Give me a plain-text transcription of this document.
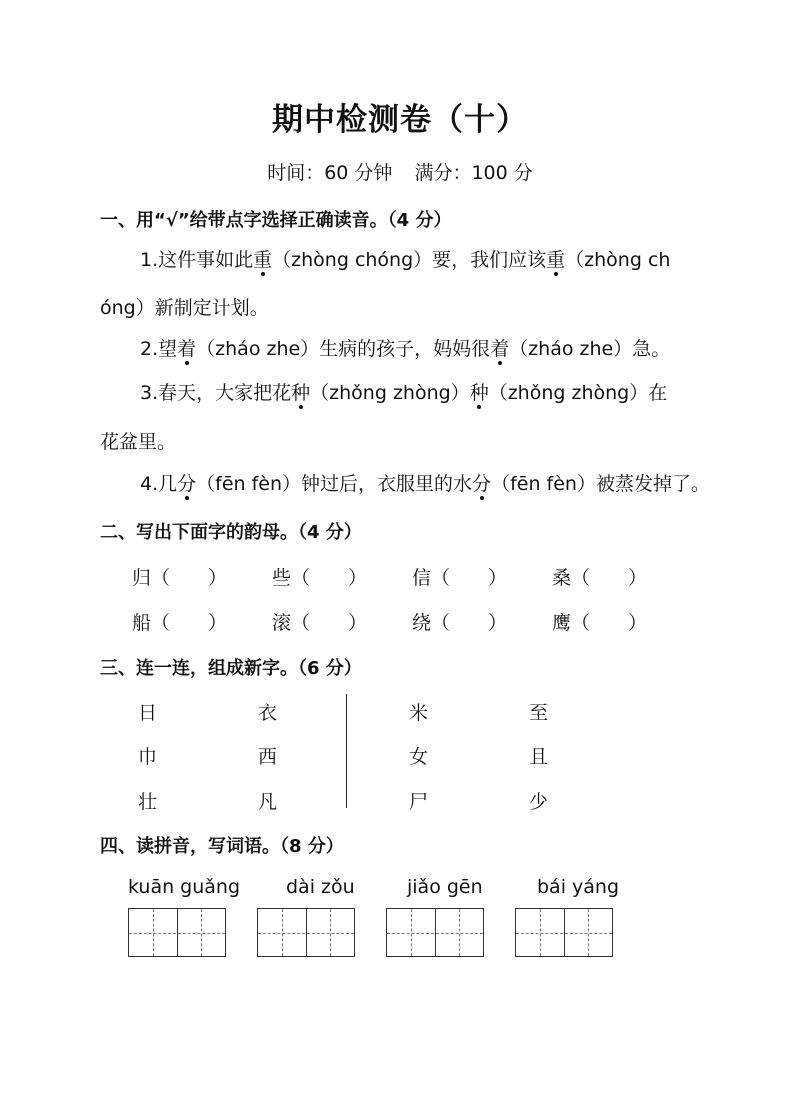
期中检测卷（十）
时间：60 分钟 满分：100 分
一、用“√”给带点字选择正确读音。（4 分）
1.这件事如此重（zhòng chóng）要，我们应该重（zhòng ch
óng）新制定计划。
2.望着（zháo zhe）生病的孩子，妈妈很着（zháo zhe）急。
3.春天，大家把花种（zhǒng zhòng）种（zhǒng zhòng）在
花盆里。
4.几分（fēn fèn）钟过后，衣服里的水分（fēn fèn）被蒸发掉了。
二、写出下面字的韵母。（4 分）
归（　　） 些（　　） 信（　　） 桑（　　）
船（　　） 滚（　　） 绕（　　） 鹰（　　）
三、连一连，组成新字。（6 分）
日
巾
壮
衣
西
凡
米
女
尸
至
且
少
四、读拼音，写词语。（8 分）
kuān guǎng dài zǒu	jiǎo gēn	bái yáng
